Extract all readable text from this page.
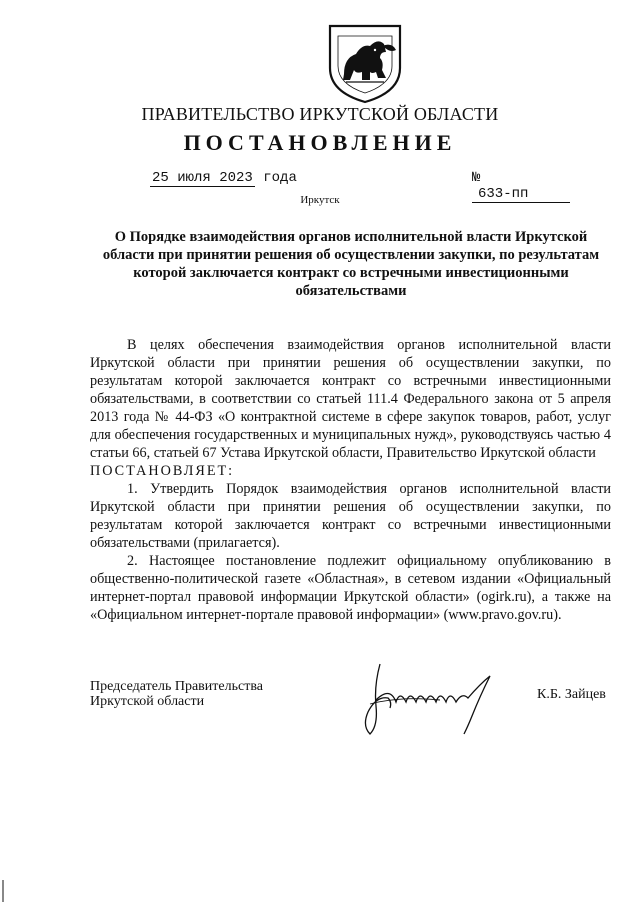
ПРАВИТЕЛЬСТВО ИРКУТСКОЙ ОБЛАСТИ
ПОСТАНОВЛЕНИЕ
25 июля 2023 года	№ 633-пп
Иркутск
О Порядке взаимодействия органов исполнительной власти Иркутской области при принятии решения об осуществлении закупки, по результатам которой заключается контракт со встречными инвестиционными обязательствами

В целях обеспечения взаимодействия органов исполнительной власти Иркутской области при принятии решения об осуществлении закупки, по результатам которой заключается контракт со встречными инвестиционными обязательствами, в соответствии со статьей 111.4 Федерального закона от 5 апреля 2013 года № 44-ФЗ «О контрактной системе в сфере закупок товаров, работ, услуг для обеспечения государственных и муниципальных нужд», руководствуясь частью 4 статьи 66, статьей 67 Устава Иркутской области, Правительство Иркутской области

ПОСТАНОВЛЯЕТ:

1. Утвердить Порядок взаимодействия органов исполнительной власти Иркутской области при принятии решения об осуществлении закупки, по результатам которой заключается контракт со встречными инвестиционными обязательствами (прилагается).

2. Настоящее постановление подлежит официальному опубликованию в общественно-политической газете «Областная», в сетевом издании «Официальный интернет-портал правовой информации Иркутской области» (ogirk.ru), а также на «Официальном интернет-портале правовой информации» (www.pravo.gov.ru).

Председатель Правительства
Иркутской области	К.Б. Зайцев
